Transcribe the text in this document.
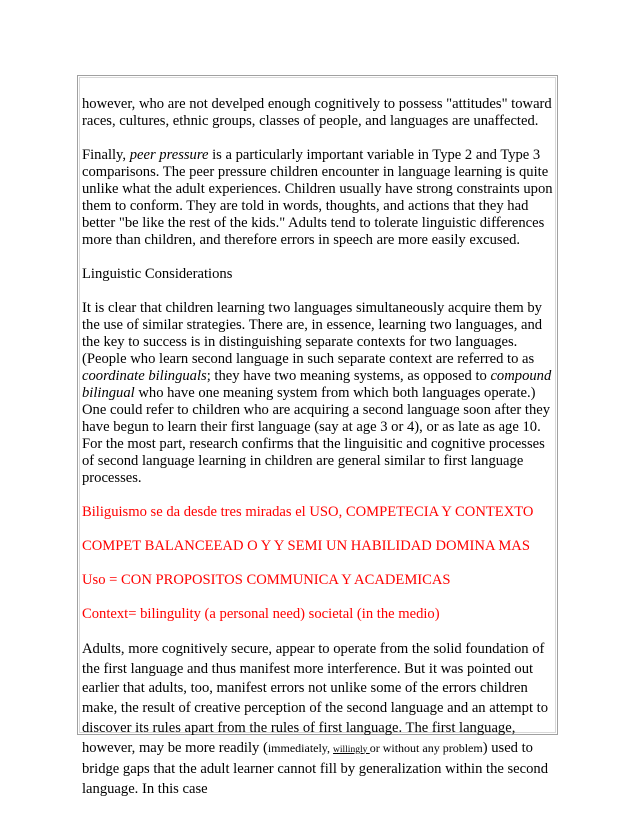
however, who are not develped enough cognitively to possess "attitudes" toward races, cultures, ethnic groups, classes of people, and languages are unaffected.

Finally, peer pressure is a particularly important variable in Type 2 and Type 3 comparisons. The peer pressure children encounter in language learning is quite unlike what the adult experiences. Children usually have strong constraints upon them to conform. They are told in words, thoughts, and actions that they had better "be like the rest of the kids." Adults tend to tolerate linguistic differences more than children, and therefore errors in speech are more easily excused.

Linguistic Considerations

It is clear that children learning two languages simultaneously acquire them by the use of similar strategies. There are, in essence, learning two languages, and the key to success is in distinguishing separate contexts for two languages. (People who learn second language in such separate context are referred to as coordinate bilinguals; they have two meaning systems, as opposed to compound bilingual who have one meaning system from which both languages operate.)

One could refer to children who are acquiring a second language soon after they have begun to learn their first language (say at age 3 or 4), or as late as age 10. For the most part, research confirms that the linguisitic and cognitive processes of second language learning in children are general similar to first language processes.

Biliguismo se da desde tres miradas el USO, COMPETECIA Y CONTEXTO

COMPET BALANCEEAD O Y Y SEMI UN HABILIDAD DOMINA MAS

Uso = CON PROPOSITOS COMMUNICA Y ACADEMICAS

Context= bilingulity (a personal need) societal (in the medio)

Adults, more cognitively secure, appear to operate from the solid foundation of the first language and thus manifest more interference. But it was pointed out earlier that adults, too, manifest errors not unlike some of the errors children make, the result of creative perception of the second language and an attempt to discover its rules apart from the rules of first language. The first language, however, may be more readily (immediately, willingly or without any problem) used to bridge gaps that the adult learner cannot fill by generalization within the second language. In this case
